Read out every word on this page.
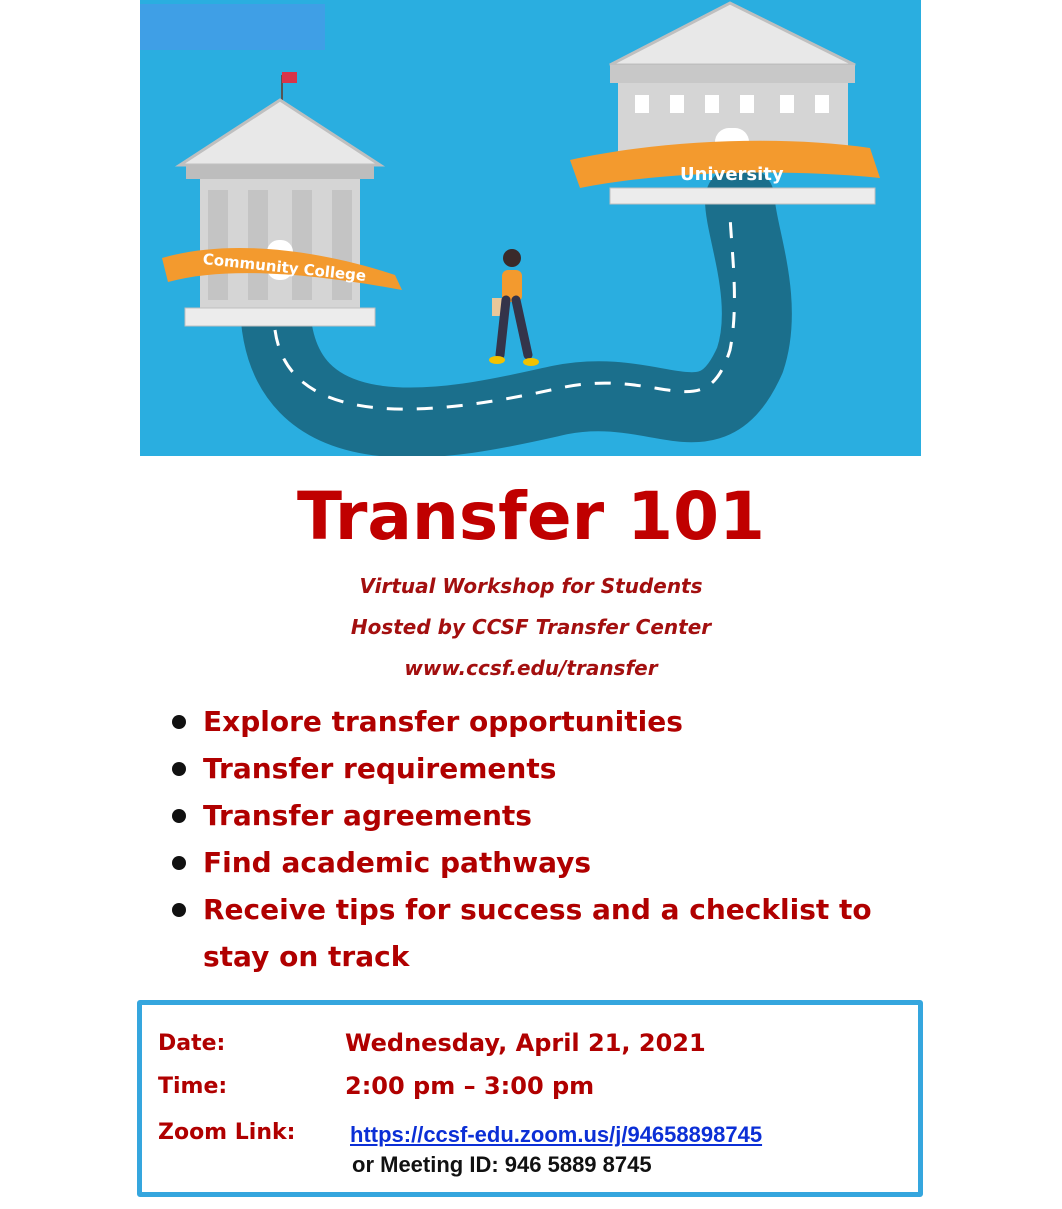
Community College
University
Transfer 101
Virtual Workshop for Students
Hosted by CCSF Transfer Center
www.ccsf.edu/transfer
Explore transfer opportunities
Transfer requirements
Transfer agreements
Find academic pathways
Receive tips for success and a checklist to stay on track
Date:	Wednesday, April 21, 2021
Time:	2:00 pm – 3:00 pm
Zoom Link: https://ccsf-edu.zoom.us/j/94658898745
or Meeting ID: 946 5889 8745
